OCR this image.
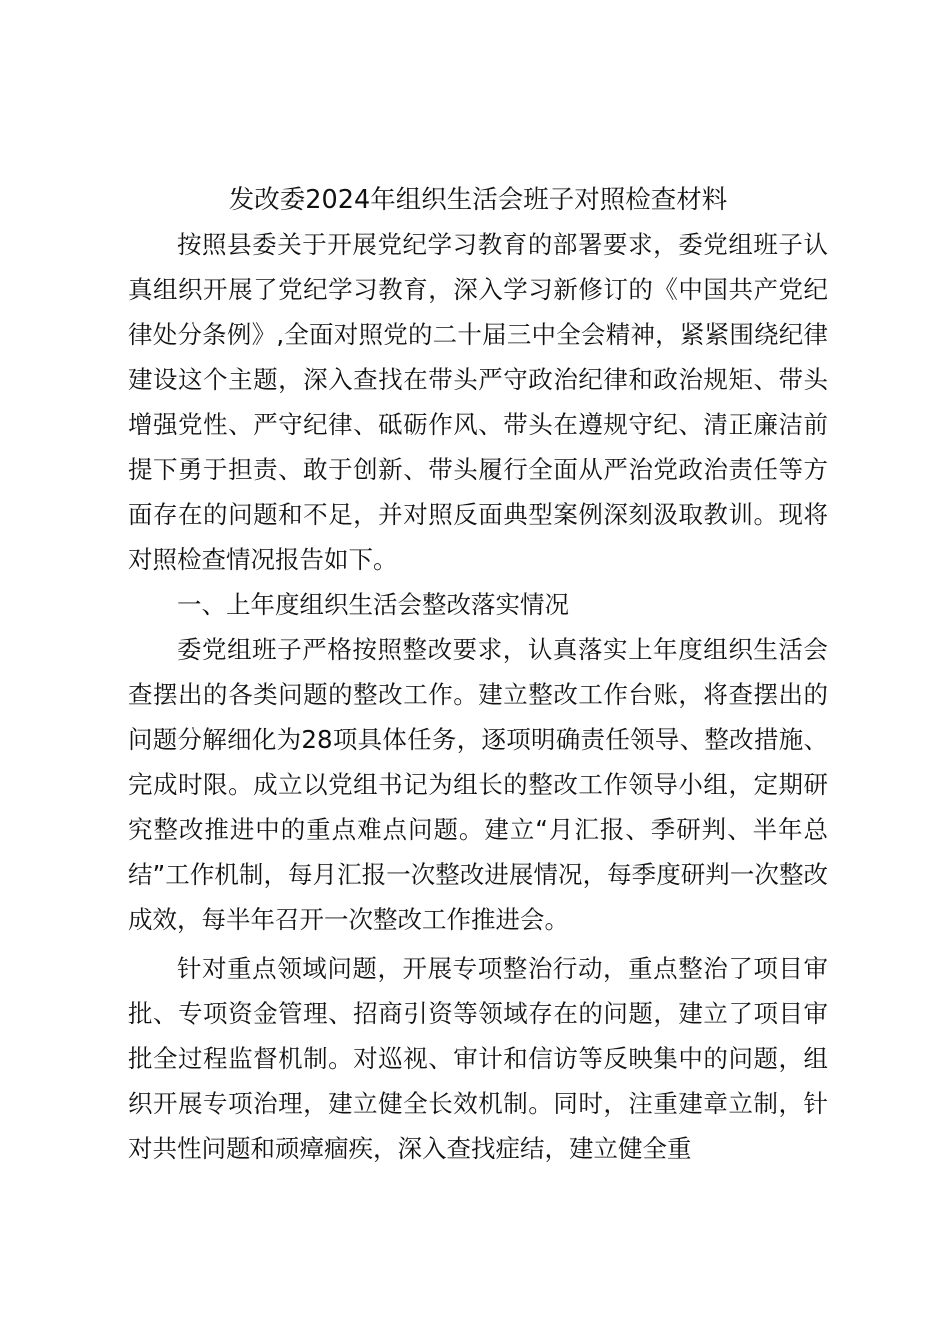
发改委2024年组织生活会班子对照检查材料

按照县委关于开展党纪学习教育的部署要求，委党组班子认真组织开展了党纪学习教育，深入学习新修订的《中国共产党纪律处分条例》,全面对照党的二十届三中全会精神，紧紧围绕纪律建设这个主题，深入查找在带头严守政治纪律和政治规矩、带头增强党性、严守纪律、砥砺作风、带头在遵规守纪、清正廉洁前提下勇于担责、敢于创新、带头履行全面从严治党政治责任等方面存在的问题和不足，并对照反面典型案例深刻汲取教训。现将对照检查情况报告如下。

一、上年度组织生活会整改落实情况

委党组班子严格按照整改要求，认真落实上年度组织生活会查摆出的各类问题的整改工作。建立整改工作台账，将查摆出的问题分解细化为28项具体任务，逐项明确责任领导、整改措施、完成时限。成立以党组书记为组长的整改工作领导小组，定期研究整改推进中的重点难点问题。建立“月汇报、季研判、半年总结”工作机制，每月汇报一次整改进展情况，每季度研判一次整改成效，每半年召开一次整改工作推进会。

针对重点领域问题，开展专项整治行动，重点整治了项目审批、专项资金管理、招商引资等领域存在的问题，建立了项目审批全过程监督机制。对巡视、审计和信访等反映集中的问题，组织开展专项治理，建立健全长效机制。同时，注重建章立制，针对共性问题和顽瘴痼疾，深入查找症结，建立健全重
